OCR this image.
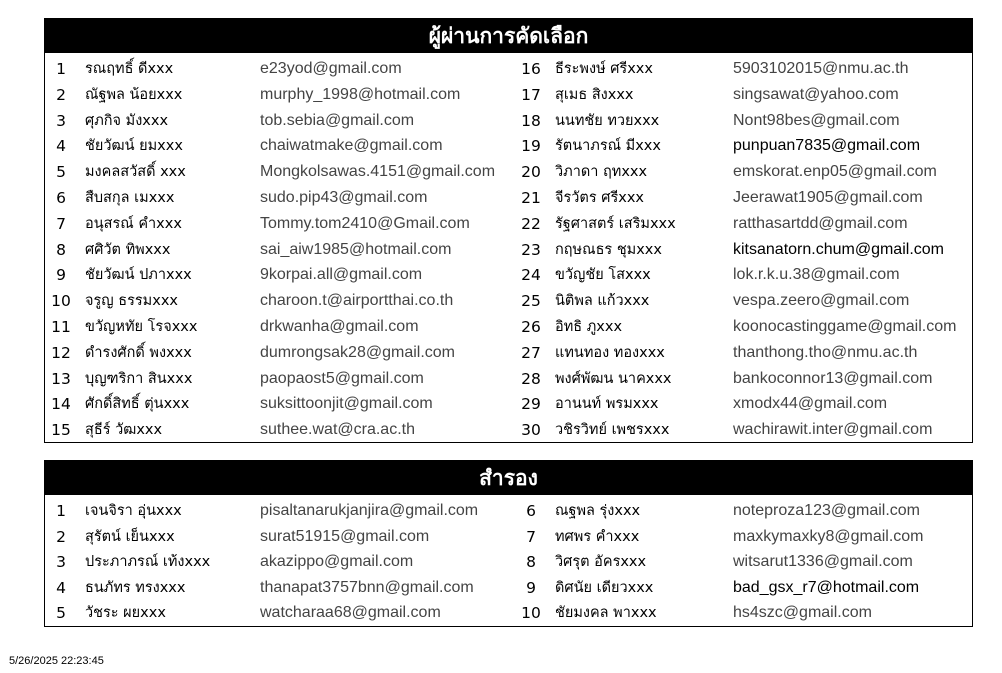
ผู้ผ่านการคัดเลือก
1	รณฤทธิ์ ดีxxx	e23yod@gmail.com
2	ณัฐพล น้อยxxx	murphy_1998@hotmail.com
3	ศุภกิจ มังxxx	tob.sebia@gmail.com
4	ชัยวัฒน์ ยมxxx	chaiwatmake@gmail.com
5	มงคลสวัสดิ์ xxx	Mongkolsawas.4151@gmail.com
6	สืบสกุล เมxxx	sudo.pip43@gmail.com
7	อนุสรณ์ คำxxx	Tommy.tom2410@Gmail.com
8	ศศิวัต ทิพxxx	sai_aiw1985@hotmail.com
9	ชัยวัฒน์ ปภาxxx	9korpai.all@gmail.com
10 จรูญ ธรรมxxx	charoon.t@airportthai.co.th
11 ขวัญหทัย โรจxxx	drkwanha@gmail.com
12 ดำรงศักดิ์ พงxxx	dumrongsak28@gmail.com
13 บุญฑริกา สินxxx	paopaost5@gmail.com
14 ศักดิ์สิทธิ์ ตุ่นxxx	suksittoonjit@gmail.com
15 สุธีร์ วัฒxxx	suthee.wat@cra.ac.th
16 ธีระพงษ์ ศรีxxx	5903102015@nmu.ac.th
17 สุเมธ สิงxxx	singsawat@yahoo.com
18 นนทชัย ทวยxxx	Nont98bes@gmail.com
19 รัตนาภรณ์ มีxxx	punpuan7835@gmail.com
20 วิภาดา ฤทxxx	emskorat.enp05@gmail.com
21 จีรวัตร ศรีxxx	Jeerawat1905@gmail.com
22 รัฐศาสตร์ เสริมxxx	ratthasartdd@gmail.com
23 กฤษณธร ชุมxxx	kitsanatorn.chum@gmail.com
24 ขวัญชัย โสxxx	lok.r.k.u.38@gmail.com
25 นิติพล แก้วxxx	vespa.zeero@gmail.com
26 อิทธิ ภูxxx	koonocastinggame@gmail.com
27 แทนทอง ทองxxx	thanthong.tho@nmu.ac.th
28 พงศ์พัฒน นาคxxx	bankoconnor13@gmail.com
29 อานนท์ พรมxxx	xmodx44@gmail.com
30 วชิรวิทย์ เพชรxxx	wachirawit.inter@gmail.com
สำรอง
1	เจนจิรา อุ่นxxx	pisaltanarukjanjira@gmail.com
2	สุรัตน์ เย็นxxx	surat51915@gmail.com
3	ประภาภรณ์ เท้งxxx	akazippo@gmail.com
4	ธนภัทร ทรงxxx	thanapat3757bnn@gmail.com
5	วัชระ ผยxxx	watcharaa68@gmail.com
6	ณฐพล รุ่งxxx	noteproza123@gmail.com
7	ทศพร คำxxx	maxkymaxky8@gmail.com
8	วิศรุต อัครxxx	witsarut1336@gmail.com
9	ดิศนัย เดียวxxx	bad_gsx_r7@hotmail.com
10 ชัยมงคล พาxxx	hs4szc@gmail.com
5/26/2025 22:23:45
